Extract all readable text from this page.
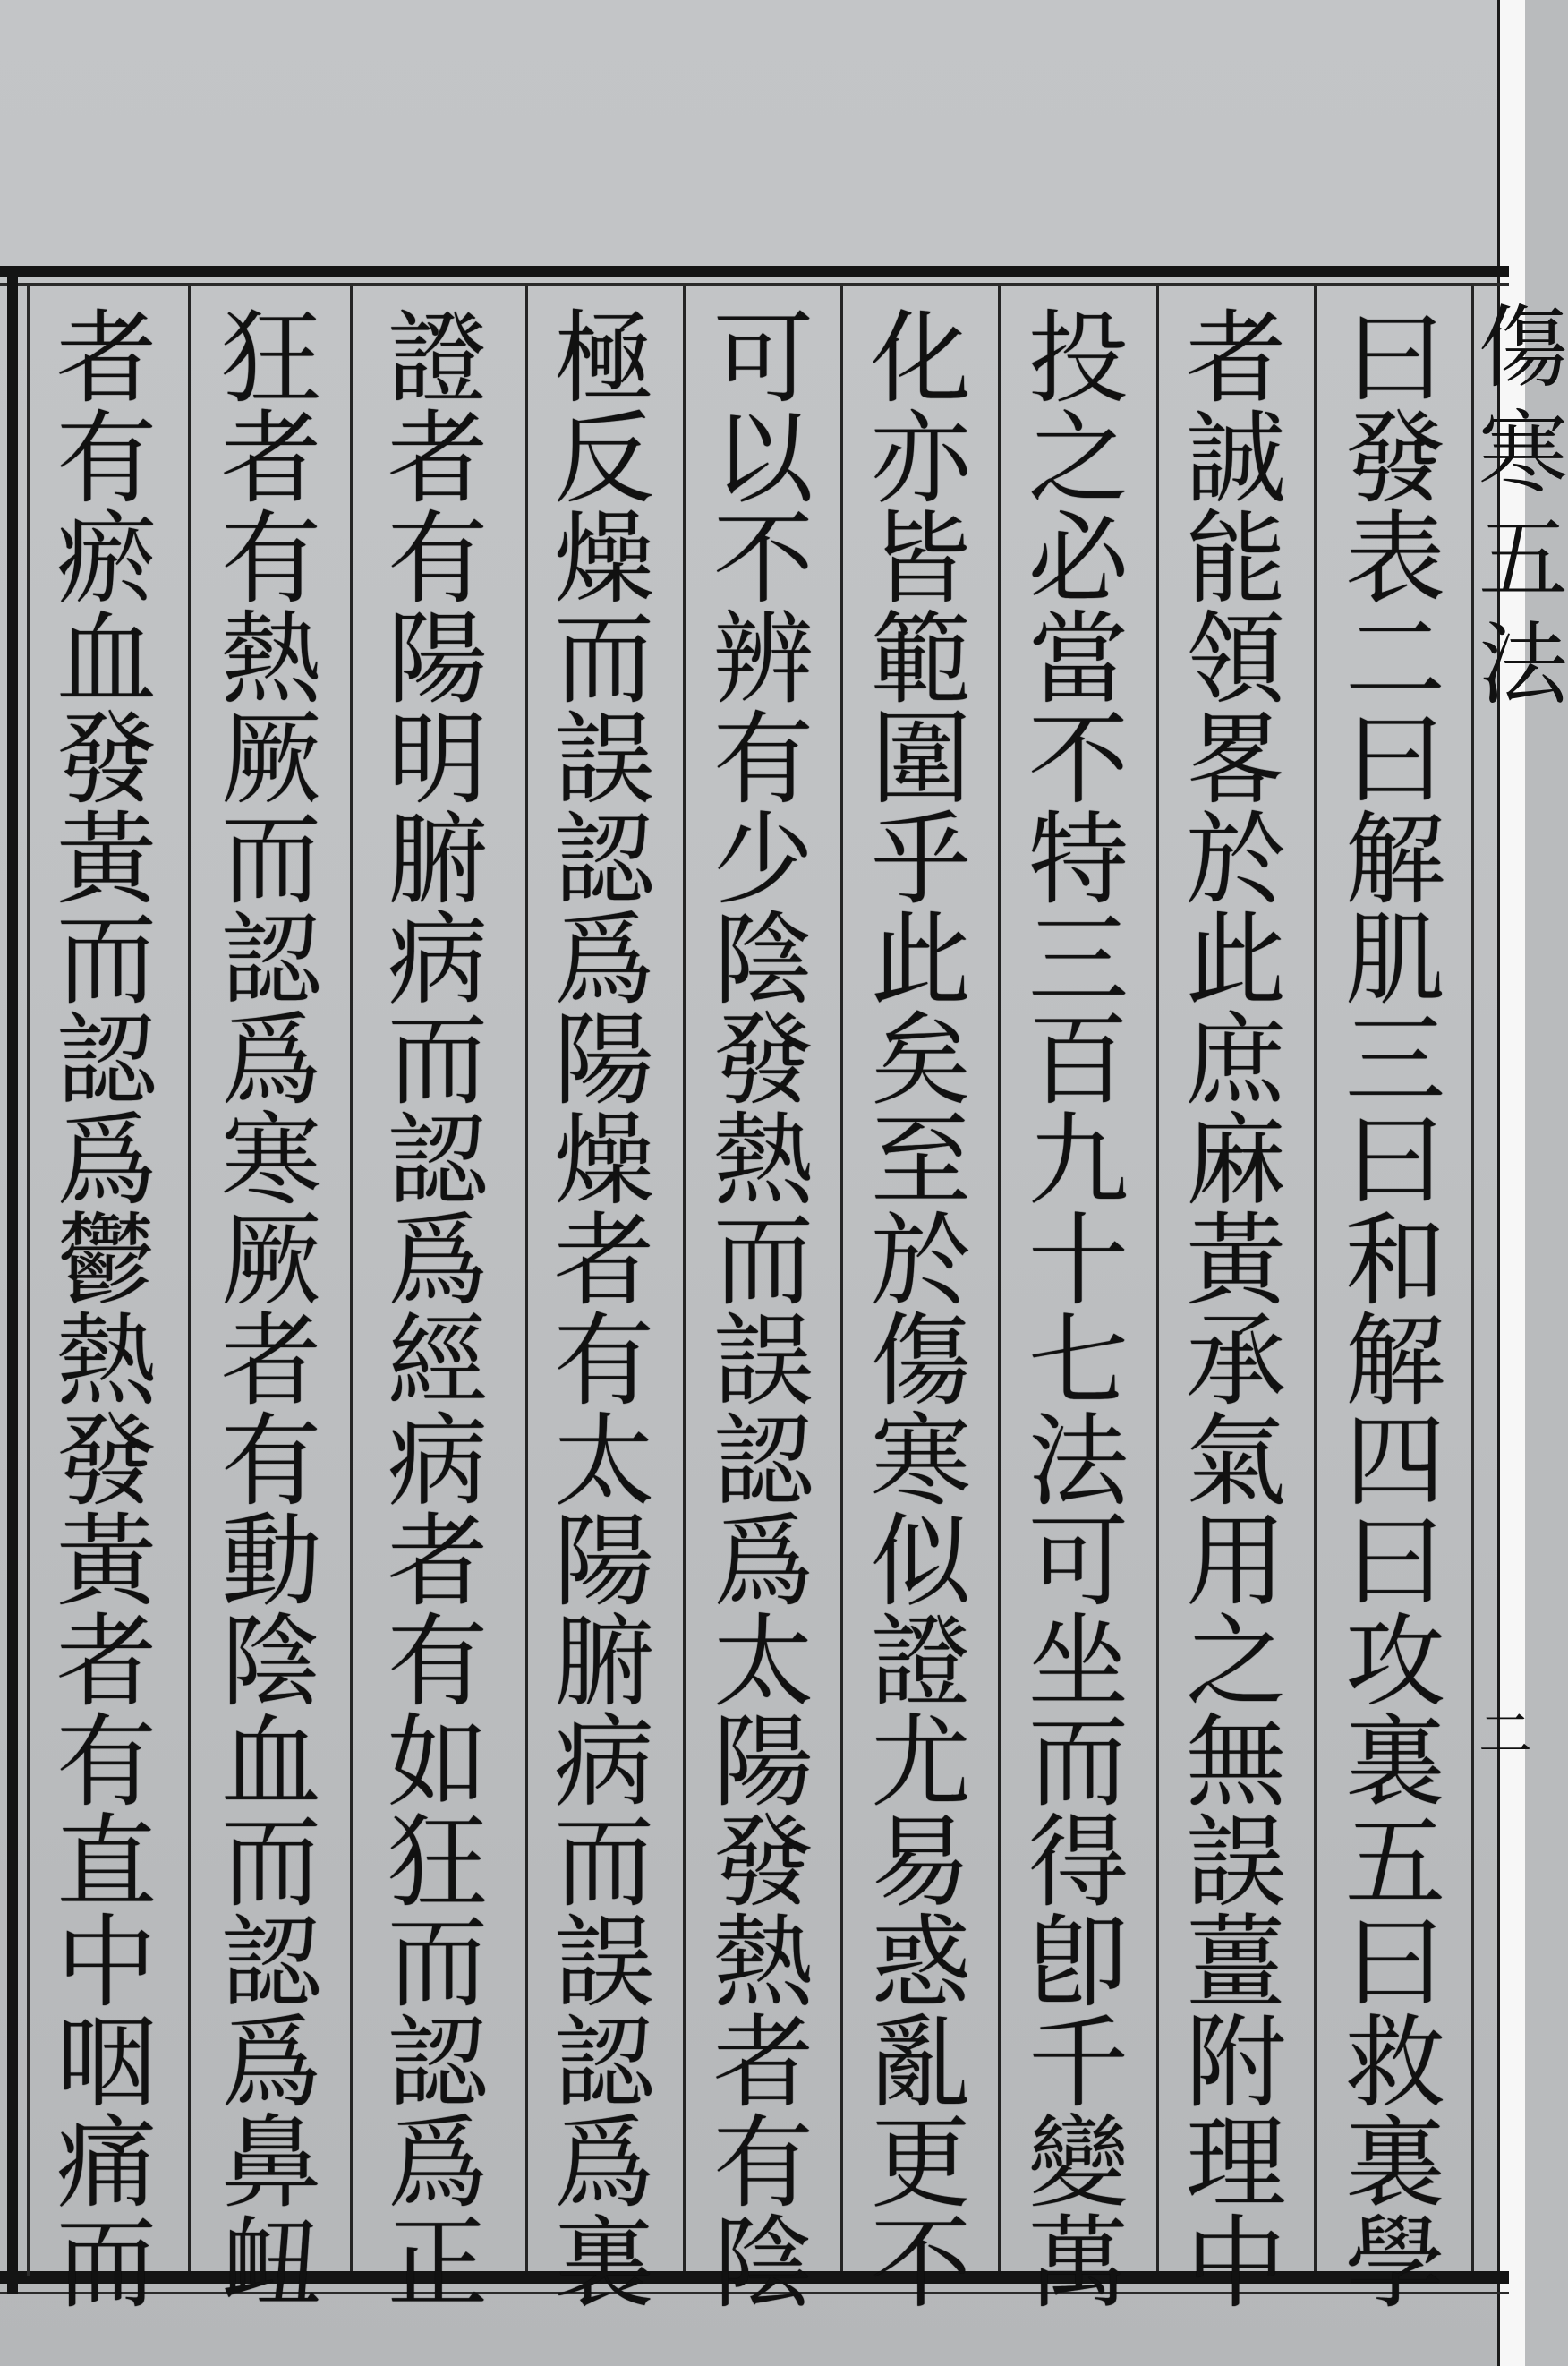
傷
寒
五
法
二
曰
發
表
二
曰
解
肌
三
曰
和
解
四
曰
攻
裏
五
曰
救
裏
學
者
誠
能
領
畧
於
此
庶
麻
黃
承
氣
用
之
無
誤
薑
附
理
中
投
之
必
當
不
特
三
百
九
十
七
法
可
坐
而
得
卽
千
變
萬
化
亦
皆
範
圍
乎
此
矣
至
於
傷
寒
似
證
尤
易
惑
亂
更
不
可
以
不
辨
有
少
陰
發
熱
而
誤
認
爲
太
陽
發
熱
者
有
陰
極
反
燥
而
誤
認
爲
陽
燥
者
有
太
陽
腑
病
而
誤
認
爲
裏
證
者
有
陽
明
腑
病
而
認
爲
經
病
者
有
如
狂
而
認
爲
正
狂
者
有
熱
厥
而
認
爲
寒
厥
者
有
動
陰
血
而
認
爲
鼻
衄
者
有
瘀
血
發
黃
而
認
爲
鬱
熱
發
黃
者
有
直
中
咽
痛
而
